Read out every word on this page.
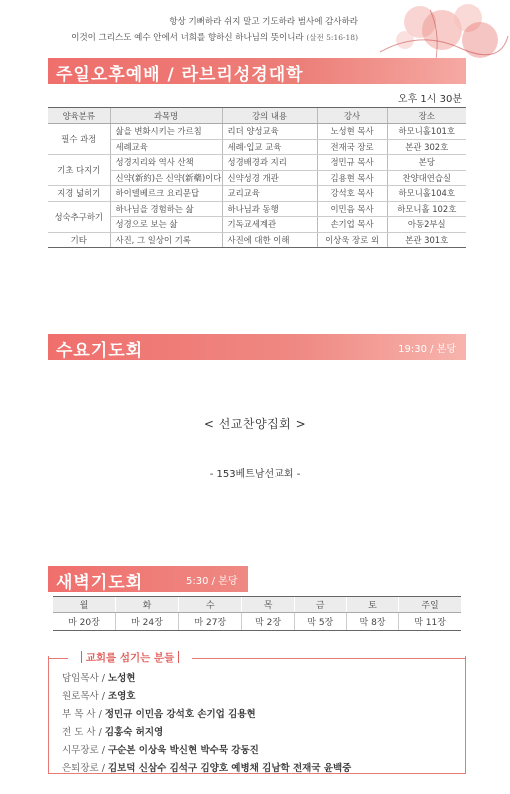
항상 기뻐하라 쉬지 말고 기도하라 범사에 감사하라
이것이 그리스도 예수 안에서 너희를 향하신 하나님의 뜻이니라 (살전 5:16-18)
주일오후예배 / 라브리성경대학
오후 1시 30분
양육분류	과목명	강의 내용	강사	장소
필수 과정	삶을 변화시키는 가르침	리더 양성교육	노성현 목사	하모니홀101호
	세례교육	세례·입교 교육	전재국 장로	본관 302호
기초 다지기	성경지리와 역사 산책	성경배경과 지리	정민규 목사	본당
	신약(新約)은 신약(新藥)이다	신약성경 개관	김용현 목사	찬양대연습실
지경 넓히기	하이델베르크 요리문답	교리교육	강석호 목사	하모니홀104호
성숙추구하기	하나님을 경험하는 삶	하나님과 동행	이민음 목사	하모니홀 102호
	성경으로 보는 삶	기독교세계관	손기업 목사	아동2부실
기타	사진, 그 일상이 기록	사진에 대한 이해	이상욱 장로 외	본관 301호
수요기도회	19:30 / 본당
< 선교찬양집회 >
- 153베트남선교회 -
새벽기도회	5:30 / 본당
월	화	수	목	금	토	주일
마 20장	마 24장	마 27장	막 2장	막 5장	막 8장	막 11장
교회를 섬기는 분들
담임목사 / 노성현
원로목사 / 조영호
부 목 사 / 정민규 이민음 강석호 손기업 김용현
전 도 사 / 김홍숙 허지영
시무장로 / 구순본 이상욱 박신현 박수묵 강동진
은퇴장로 / 김보덕 신삼수 김석구 김양호 예병채 김남학 전재국 윤백중
